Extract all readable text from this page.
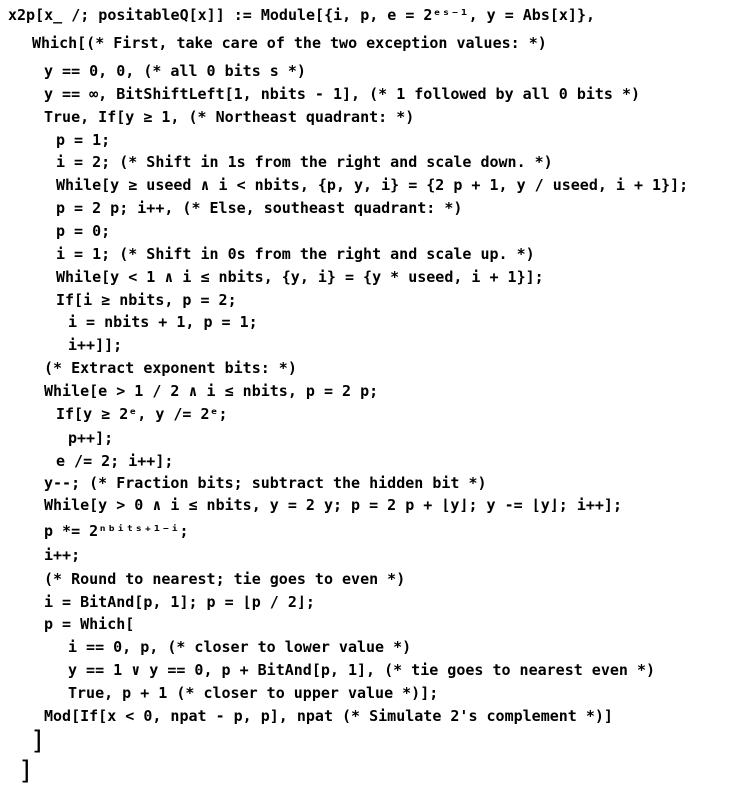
x2p[x_ /; positableQ[x]] := Module[{i, p, e = 2ᵉˢ⁻¹, y = Abs[x]},
Which[(* First, take care of the two exception values: *)
y == 0, 0, (* all 0 bits s *)
y == ∞, BitShiftLeft[1, nbits - 1], (* 1 followed by all 0 bits *)
True, If[y ≥ 1, (* Northeast quadrant: *)
p = 1;
i = 2; (* Shift in 1s from the right and scale down. *)
While[y ≥ useed ∧ i < nbits, {p, y, i} = {2 p + 1, y / useed, i + 1}];
p = 2 p; i++, (* Else, southeast quadrant: *)
p = 0;
i = 1; (* Shift in 0s from the right and scale up. *)
While[y < 1 ∧ i ≤ nbits, {y, i} = {y * useed, i + 1}];
If[i ≥ nbits, p = 2;
i = nbits + 1, p = 1;
i++]];
(* Extract exponent bits: *)
While[e > 1 / 2 ∧ i ≤ nbits, p = 2 p;
If[y ≥ 2ᵉ, y /= 2ᵉ;
p++];
e /= 2; i++];
y--; (* Fraction bits; subtract the hidden bit *)
While[y > 0 ∧ i ≤ nbits, y = 2 y; p = 2 p + ⌊y⌋; y -= ⌊y⌋; i++];
p *= 2ⁿᵇⁱᵗˢ⁺¹⁻ⁱ;
i++;
(* Round to nearest; tie goes to even *)
i = BitAnd[p, 1]; p = ⌊p / 2⌋;
p = Which[
i == 0, p, (* closer to lower value *)
y == 1 ∨ y == 0, p + BitAnd[p, 1], (* tie goes to nearest even *)
True, p + 1 (* closer to upper value *)];
Mod[If[x < 0, npat - p, p], npat (* Simulate 2's complement *)]
]
]
